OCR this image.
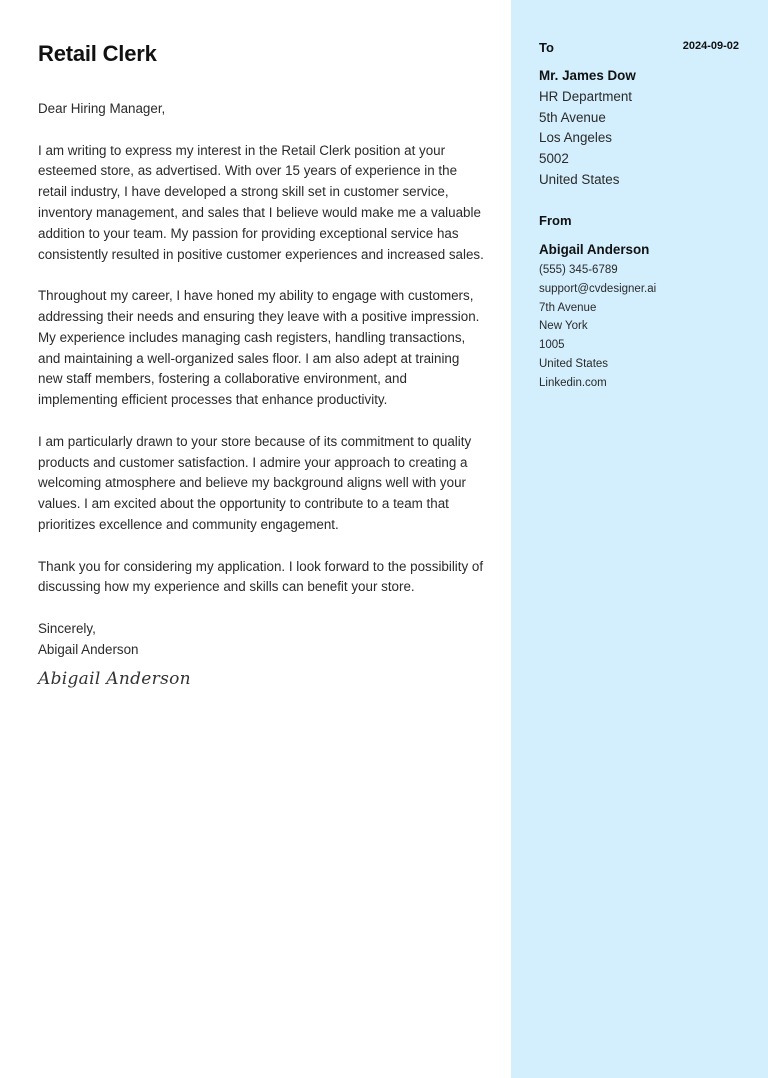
Retail Clerk	2024-09-02

Dear Hiring Manager,

I am writing to express my interest in the Retail Clerk position at your esteemed store, as advertised. With over 15 years of experience in the retail industry, I have developed a strong skill set in customer service, inventory management, and sales that I believe would make me a valuable addition to your team. My passion for providing exceptional service has consistently resulted in positive customer experiences and increased sales.

Throughout my career, I have honed my ability to engage with customers, addressing their needs and ensuring they leave with a positive impression. My experience includes managing cash registers, handling transactions, and maintaining a well-organized sales floor. I am also adept at training new staff members, fostering a collaborative environment, and implementing efficient processes that enhance productivity.

I am particularly drawn to your store because of its commitment to quality products and customer satisfaction. I admire your approach to creating a welcoming atmosphere and believe my background aligns well with your values. I am excited about the opportunity to contribute to a team that prioritizes excellence and community engagement.

Thank you for considering my application. I look forward to the possibility of discussing how my experience and skills can benefit your store.

Sincerely,

Abigail Anderson

Abigail Anderson
To
Mr. James Dow
HR Department
5th Avenue
Los Angeles
5002
United States
From
Abigail Anderson
(555) 345-6789
support@cvdesigner.ai
7th Avenue
New York
1005
United States
Linkedin.com
